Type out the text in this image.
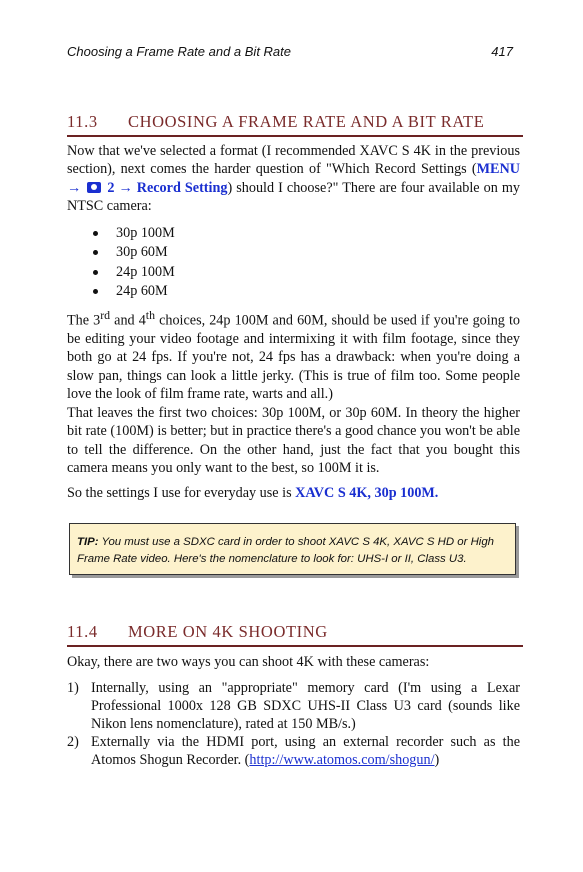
Choosing a Frame Rate and a Bit Rate	417
11.3 CHOOSING A FRAME RATE AND A BIT RATE

Now that we've selected a format (I recommended XAVC S 4K in the previous section), next comes the harder question of "Which Record Settings (MENU → 2 → Record Setting) should I choose?" There are four available on my NTSC camera:

30p 100M
30p 60M
24p 100M
24p 60M

The 3rd and 4th choices, 24p 100M and 60M, should be used if you're going to be editing your video footage and intermixing it with film footage, since they both go at 24 fps. If you're not, 24 fps has a drawback: when you're doing a slow pan, things can look a little jerky. (This is true of film too. Some people love the look of film frame rate, warts and all.)

That leaves the first two choices: 30p 100M, or 30p 60M. In theory the higher bit rate (100M) is better; but in practice there's a good chance you won't be able to tell the difference. On the other hand, just the fact that you bought this camera means you only want to the best, so 100M it is.

So the settings I use for everyday use is XAVC S 4K, 30p 100M.

TIP: You must use a SDXC card in order to shoot XAVC S 4K, XAVC S HD or High Frame Rate video. Here's the nomenclature to look for: UHS-I or II, Class U3.
11.4 MORE ON 4K SHOOTING

Okay, there are two ways you can shoot 4K with these cameras:

1) Internally, using an "appropriate" memory card (I'm using a Lexar Professional 1000x 128 GB SDXC UHS-II Class U3 card (sounds like Nikon lens nomenclature), rated at 150 MB/s.)
2) Externally via the HDMI port, using an external recorder such as the Atomos Shogun Recorder. (http://www.atomos.com/shogun/)
